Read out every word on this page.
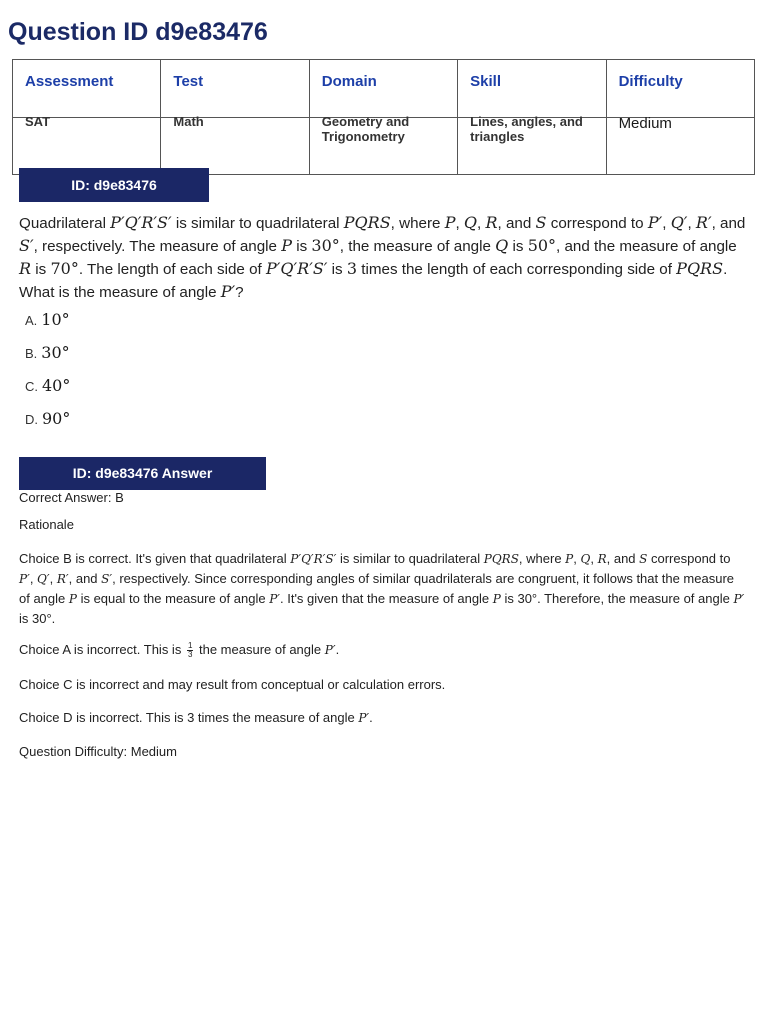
Question ID d9e83476
Assessment	Test	Domain	Skill	Difficulty

SAT	Math	Geometry and Trigonometry	Lines, angles, and triangles	Medium
ID: d9e83476
Quadrilateral P′Q′R′S′ is similar to quadrilateral PQRS, where P, Q, R, and S correspond to P′, Q′, R′, and S′, respectively. The measure of angle P is 30°, the measure of angle Q is 50°, and the measure of angle R is 70°. The length of each side of P′Q′R′S′ is 3 times the length of each corresponding side of PQRS. What is the measure of angle P′?
A. 10°
B. 30°
C. 40°
D. 90°
ID: d9e83476 Answer
Correct Answer: B
Rationale
Choice B is correct. It's given that quadrilateral P′Q′R′S′ is similar to quadrilateral PQRS, where P, Q, R, and S correspond to P′, Q′, R′, and S′, respectively. Since corresponding angles of similar quadrilaterals are congruent, it follows that the measure of angle P is equal to the measure of angle P′. It's given that the measure of angle P is 30°. Therefore, the measure of angle P′ is 30°.
Choice A is incorrect. This is $\frac{1}{3}$ the measure of angle P′.
Choice C is incorrect and may result from conceptual or calculation errors.
Choice D is incorrect. This is 3 times the measure of angle P′.
Question Difficulty: Medium
